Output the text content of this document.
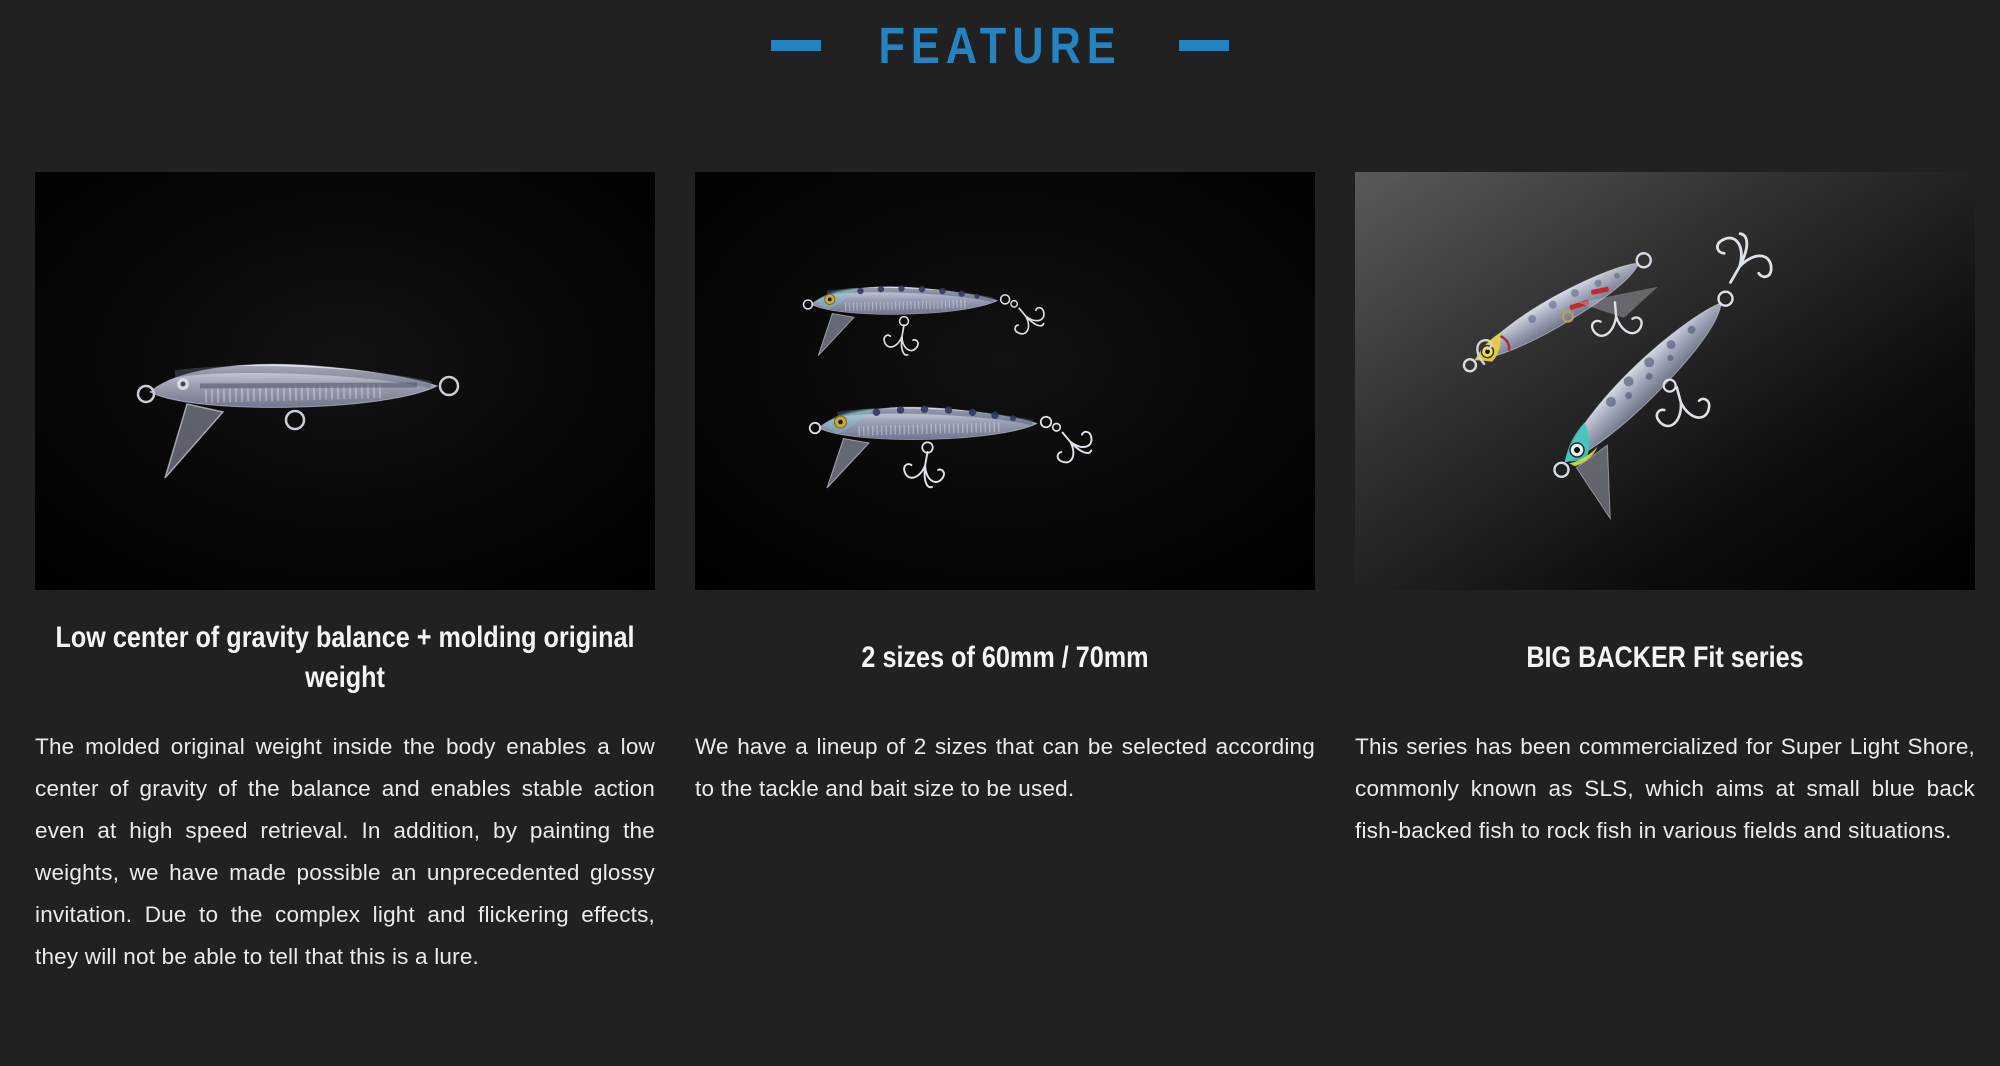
FEATURE
Low center of gravity balance + molding original weight

The molded original weight inside the body enables a low center of gravity of the balance and enables stable action even at high speed retrieval. In addition, by painting the weights, we have made possible an unprecedented glossy invitation. Due to the complex light and flickering effects, they will not be able to tell that this is a lure.

2 sizes of 60mm / 70mm

We have a lineup of 2 sizes that can be selected according to the tackle and bait size to be used.

BIG BACKER Fit series

This series has been commercialized for Super Light Shore, commonly known as SLS, which aims at small blue back fish-backed fish to rock fish in various fields and situations.
